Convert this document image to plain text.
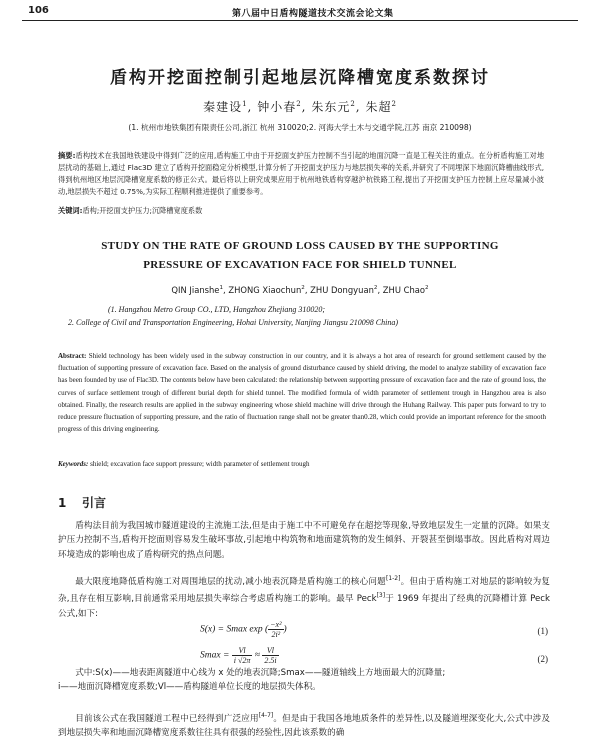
106	第八届中日盾构隧道技术交流会论文集
盾构开挖面控制引起地层沉降槽宽度系数探讨
秦建设$^1$, 钟小春$^2$, 朱东元$^2$, 朱超$^2$
(1. 杭州市地铁集团有限责任公司,浙江 杭州 310020;2. 河海大学土木与交通学院,江苏 南京 210098)
摘要:盾构技术在我国地铁建设中得到广泛的应用,盾构施工中由于开挖面支护压力控制不当引起的地面沉降一直是工程关注的重点。在分析盾构施工对地层扰动的基础上,通过 Flac3D 建立了盾构开挖面稳定分析模型,计算分析了开挖面支护压力与地层损失率的关系,并研究了不同埋深下地面沉降槽曲线形式,得到杭州地区地层沉降槽宽度系数的修正公式。最后将以上研究成果应用于杭州地铁盾构穿越沪杭铁路工程,提出了开挖面支护压力控制上应尽量减小波动,地层损失不超过 0.75%,为实际工程顺利推进提供了重要参考。
关键词:盾构;开挖面支护压力;沉降槽宽度系数
STUDY ON THE RATE OF GROUND LOSS CAUSED BY THE SUPPORTING
PRESSURE OF EXCAVATION FACE FOR SHIELD TUNNEL
QIN Jianshe$^1$, ZHONG Xiaochun$^2$, ZHU Dongyuan$^2$, ZHU Chao$^2$
(1. Hangzhou Metro Group CO., LTD, Hangzhou Zhejiang 310020;
2. College of Civil and Transportation Engineering, Hohai University, Nanjing Jiangsu 210098 China)
Abstract: Shield technology has been widely used in the subway construction in our country, and it is always a hot area of research for ground settlement caused by the fluctuation of supporting pressure of excavation face. Based on the analysis of ground disturbance caused by shield driving, the model to analyze stability of excavation face has been founded by use of Flac3D. The contents below have been calculated: the relationship between supporting pressure of excavation face and the rate of ground loss, the curves of surface settlement trough of different burial depth for shield tunnel. The modified formula of width parameter of settlement trough in Hangzhou area is also obtained. Finally, the research results are applied in the subway engineering whose shield machine will drive through the Huhang Railway. This paper puts forward to try to reduce pressure fluctuation of supporting pressure, and the ratio of fluctuation range shall not be greater than0.28, which could provide an important reference for the smooth progress of this driving engineering.
Keywords: shield; excavation face support pressure; width parameter of settlement trough
1 引言

盾构法目前为我国城市隧道建设的主流施工法,但是由于施工中不可避免存在超挖等现象,导致地层发生一定量的沉降。如果支护压力控制不当,盾构开挖面则容易发生破坏事故,引起地中构筑物和地面建筑物的发生倾斜、开裂甚至倒塌事故。因此盾构对周边环境造成的影响也成了盾构研究的热点问题。

最大限度地降低盾构施工对周围地层的扰动,减小地表沉降是盾构施工的核心问题[1-2]。但由于盾构施工对地层的影响较为复杂,且存在相互影响,目前通常采用地层损失率综合考虑盾构施工的影响。最早 Peck[3]于 1969 年提出了经典的沉降槽计算 Peck 公式,如下:

S(x) = Smax exp ( $\frac{\text{−x²}}{\text{2i²}}$ )	(1)
$Smax = \frac{Vl}{i √2\pi} \approx \frac{Vl}{2.5i}$	(2)

式中:S(x)——地表距离隧道中心线为 x 处的地表沉降;Smax——隧道轴线上方地面最大的沉降量;

i——地面沉降槽宽度系数;Vl——盾构隧道单位长度的地层损失体积。

目前该公式在我国隧道工程中已经得到广泛应用[4-7]。但是由于我国各地地质条件的差异性,以及隧道埋深变化大,公式中涉及到地层损失率和地面沉降槽宽度系数往往具有很强的经验性,因此该系数的确
